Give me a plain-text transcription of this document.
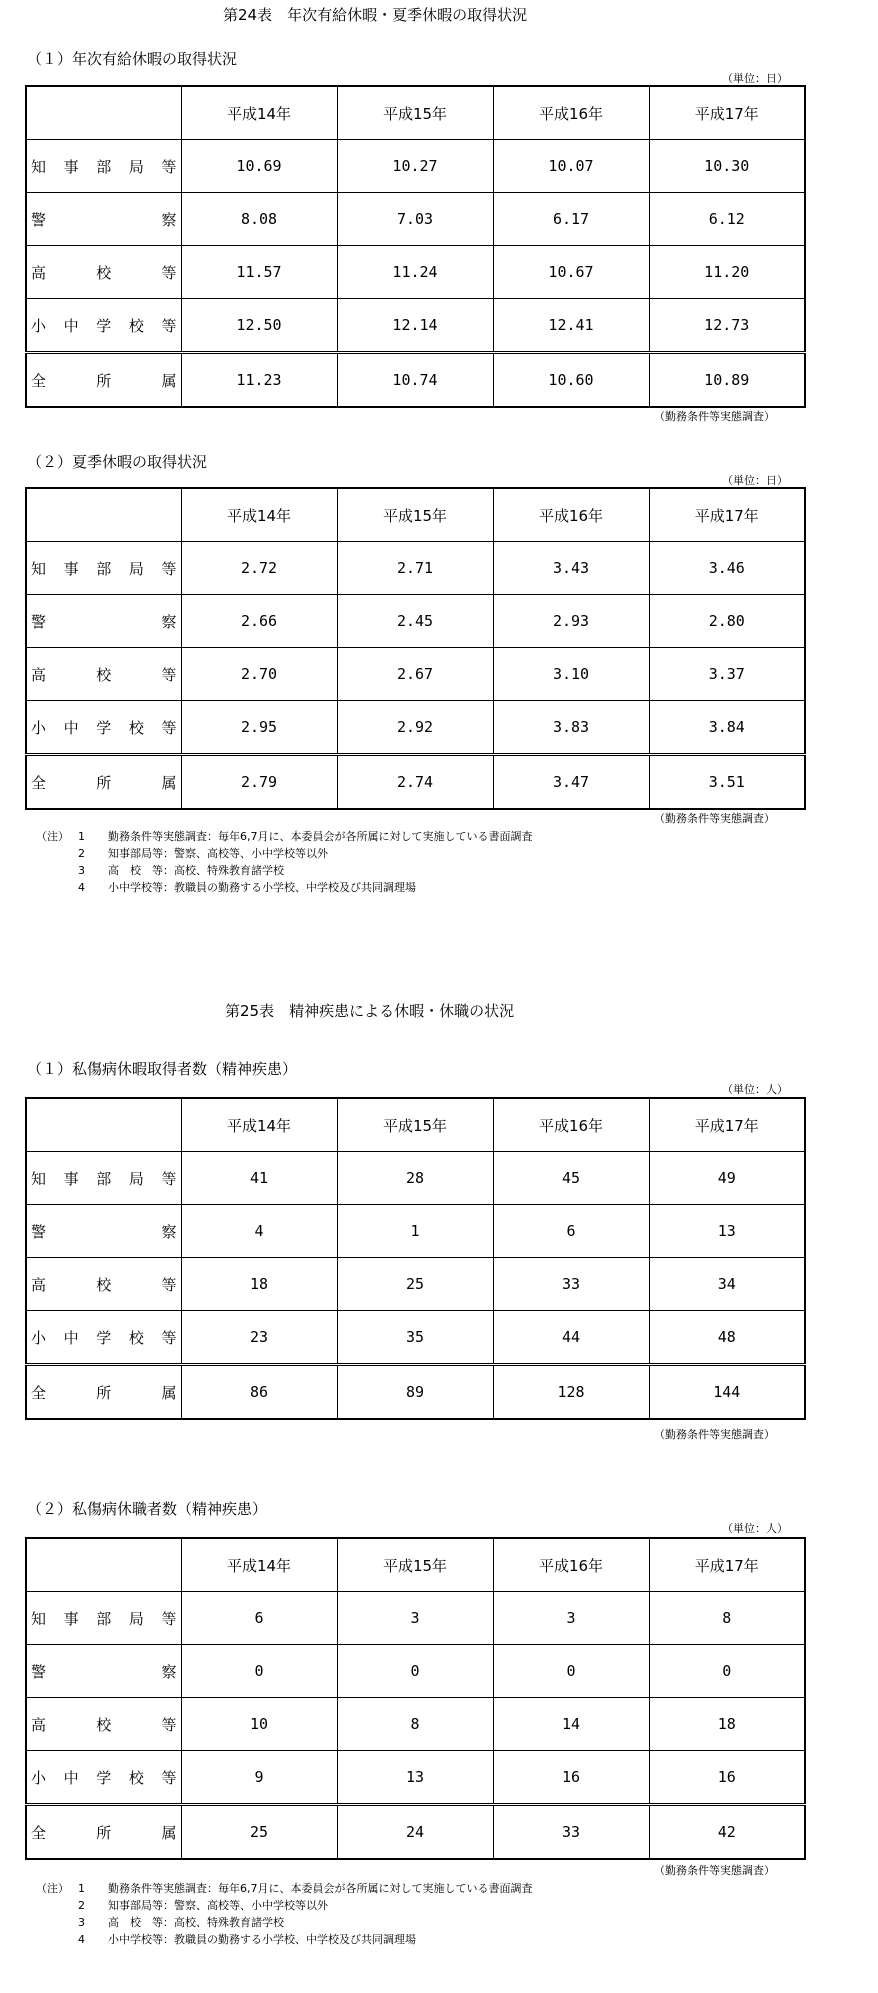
第24表　年次有給休暇・夏季休暇の取得状況
（１）年次有給休暇の取得状況
（単位：日）
	平成14年	平成15年	平成16年	平成17年

知 事 部 局 等	10.69	10.27	10.07	10.30

警 察	8.08	7.03	6.17	6.12

高 校 等	11.57	11.24	10.67	11.20

小 中 学 校 等	12.50	12.14	12.41	12.73

全 所 属	11.23	10.74	10.60	10.89
（勤務条件等実態調査）
（２）夏季休暇の取得状況
（単位：日）
	平成14年	平成15年	平成16年	平成17年

知 事 部 局 等	2.72	2.71	3.43	3.46

警 察	2.66	2.45	2.93	2.80

高 校 等	2.70	2.67	3.10	3.37

小 中 学 校 等	2.95	2.92	3.83	3.84

全 所 属	2.79	2.74	3.47	3.51
（勤務条件等実態調査）
（注） 1	勤務条件等実態調査：毎年6,7月に、本委員会が各所属に対して実施している書面調査
2	知事部局等：警察、高校等、小中学校等以外
3	高　校　等：高校、特殊教育諸学校
4	小中学校等：教職員の勤務する小学校、中学校及び共同調理場
第25表　精神疾患による休暇・休職の状況
（１）私傷病休暇取得者数（精神疾患）
（単位：人）
	平成14年	平成15年	平成16年	平成17年

知 事 部 局 等	41	28	45	49

警 察	4	1	6	13

高 校 等	18	25	33	34

小 中 学 校 等	23	35	44	48

全 所 属	86	89	128	144
（勤務条件等実態調査）
（２）私傷病休職者数（精神疾患）
（単位：人）
	平成14年	平成15年	平成16年	平成17年

知 事 部 局 等	6	3	3	8

警 察	0	0	0	0

高 校 等	10	8	14	18

小 中 学 校 等	9	13	16	16

全 所 属	25	24	33	42
（勤務条件等実態調査）
（注） 1	勤務条件等実態調査：毎年6,7月に、本委員会が各所属に対して実施している書面調査
2	知事部局等：警察、高校等、小中学校等以外
3	高　校　等：高校、特殊教育諸学校
4	小中学校等：教職員の勤務する小学校、中学校及び共同調理場
